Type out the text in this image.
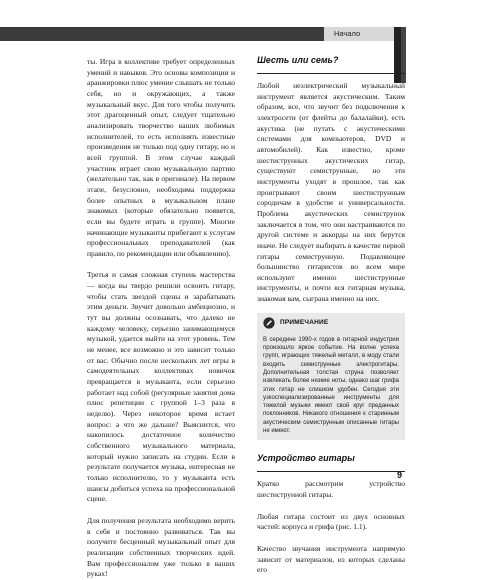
Начало

ты. Игра в коллективе требует определенных умений и навыков. Это основы композиции и аранжировки плюс умение слышать не только себя, но и окружающих, а также музыкальный вкус. Для того чтобы получить этот драгоценный опыт, следует тщательно анализировать творчество ваших любимых исполнителей, то есть исполнять известные произведения не только под одну гитару, но и всей группой. В этом случае каждый участник играет свою музыкальную партию (желательно так, как в оригинале). На первом этапе, безусловно, необходима поддержка более опытных в музыкальном плане знакомых (которые обязательно появятся, если вы будете играть в группе). Многие начинающие музыканты прибегают к услугам профессиональных преподавателей (как правило, по рекомендации или объявлению).

Третья и самая сложная ступень мастерства — когда вы твердо решили освоить гитару, чтобы стать звездой сцены и зарабатывать этим деньги. Звучит довольно амбициозно, и тут вы должны осознавать, что далеко не каждому человеку, серьезно занимающемуся музыкой, удается выйти на этот уровень. Тем не менее, все возможно и это зависит только от вас. Обычно после нескольких лет игры в самодеятельных коллективах новичок превращается в музыканта, если серьезно работает над собой (регулярные занятия дома плюс репетиции с группой 1–3 раза в неделю). Через некоторое время встает вопрос: а что же дальше? Выяснится, что накопилось достаточное количество собственного музыкального материала, который нужно записать на студии. Если в результате получается музыка, интересная не только исполнителю, то у музыканта есть шансы добиться успеха на профессиональной сцене.

Для получения результата необходимо верить в себя и постоянно развиваться. Так вы получите бесценный музыкальный опыт для реализации собственных творческих идей. Вам профессионалом уже только в ваших руках!

Шесть или семь?

Любой неэлектрический музыкальный инструмент является акустическим. Таким образом, все, что звучит без подключения к электросети (от флейты до балалайки), есть акустика (не путать с акустическими системами для компьютеров, DVD и автомобилей). Как известно, кроме шестиструнных акустических гитар, существуют семиструнные, но эти инструменты уходят в прошлое, так как проигрывают своим шестиструнным сородичам в удобстве и универсальности. Проблема акустических семиструнок заключается в том, что они настраиваются по другой системе и аккорды на них берутся иначе. Не следует выбирать в качестве первой гитары семиструнную. Подавляющее большинство гитаристов во всем мире используют именно шестиструнные инструменты, и почти вся гитарная музыка, знакомая вам, сыграна именно на них.

ПРИМЕЧАНИЕ
В середине 1990-х годов в гитарной индустрии произошло яркое событие. На волне успеха групп, играющих тяжелый металл, в моду стали входить семиструнные электрогитары. Дополнительная толстая струна позволяет извлекать более низкие ноты, однако шаг грифа этих гитар не слишком удобен. Сегодня эти узкоспециализированные инструменты для тяжелой музыки имеют свой круг преданных поклонников. Никакого отношения к старинным акустическим семиструнным описанные гитары не имеют.
Устройство гитары

Кратко рассмотрим устройство шестиструнной гитары.

Любая гитара состоит из двух основных частей: корпуса и грифа (рис. 1.1).

Качество звучания инструмента напрямую зависит от материалов, из которых сделаны его

9
